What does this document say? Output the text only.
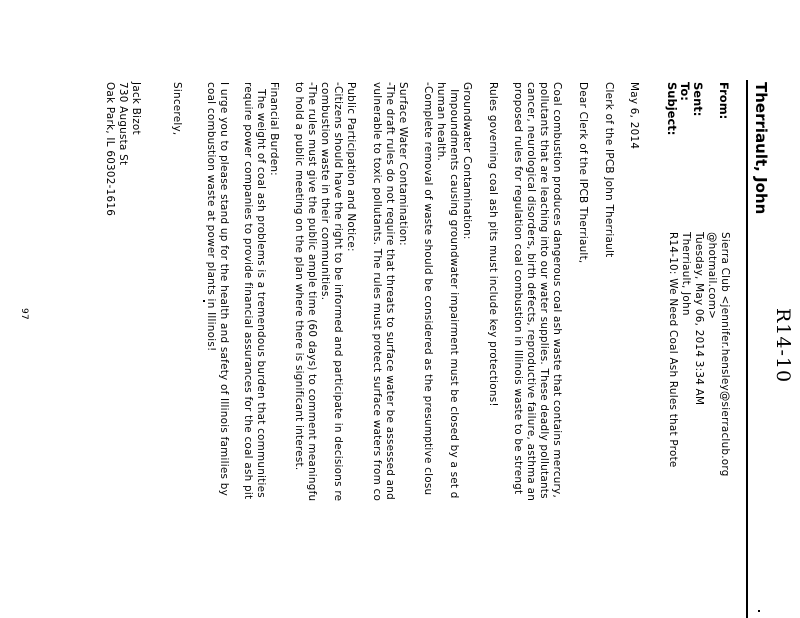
R14-10
Therriault, John
From:
Sent:
To:
Subject:
Sierra Club <jennifer.hensley@sierraclub.org
@hotmail.com>
Tuesday, May 06, 2014 3:34 AM
Therriault, John
R14-10: We Need Coal Ash Rules that Prote
May 6, 2014
Clerk of the IPCB John Therriault
Dear Clerk of the IPCB Therriault,
Coal combustion produces dangerous coal ash waste that contains mercury,
pollutants that are leaching into our water supplies. These deadly pollutants
cancer, neurological disorders, birth defects, reproductive failure, asthma an
proposed rules for regulation coal combustion in Illinois waste to be strengt
Rules governing coal ash pits must include key protections!
Groundwater Contamination:
Impoundments causing groundwater impairment must be closed by a set d
human health.
-Complete removal of waste should be considered as the presumptive closu
Surface Water Contamination:
-The draft rules do not require that threats to surface water be assessed and
vulnerable to toxic pollutants. The rules must protect surface waters from co
Public Participation and Notice:
-Citizens should have the right to be informed and participate in decisions re
combustion waste in their communities.
-The rules must give the public ample time (60 days) to comment meaningfu
to hold a public meeting on the plan where there is significant interest.
Financial Burden:
The weight of coal ash problems is a tremendous burden that communities
require power companies to provide financial assurances for the coal ash pit
I urge you to please stand up for the health and safety of Illinois families by
coal combustion waste at power plants in Illinois!
Sincerely,
Jack Bizot
730 Augusta St
Oak Park, IL 60302-1616
97
